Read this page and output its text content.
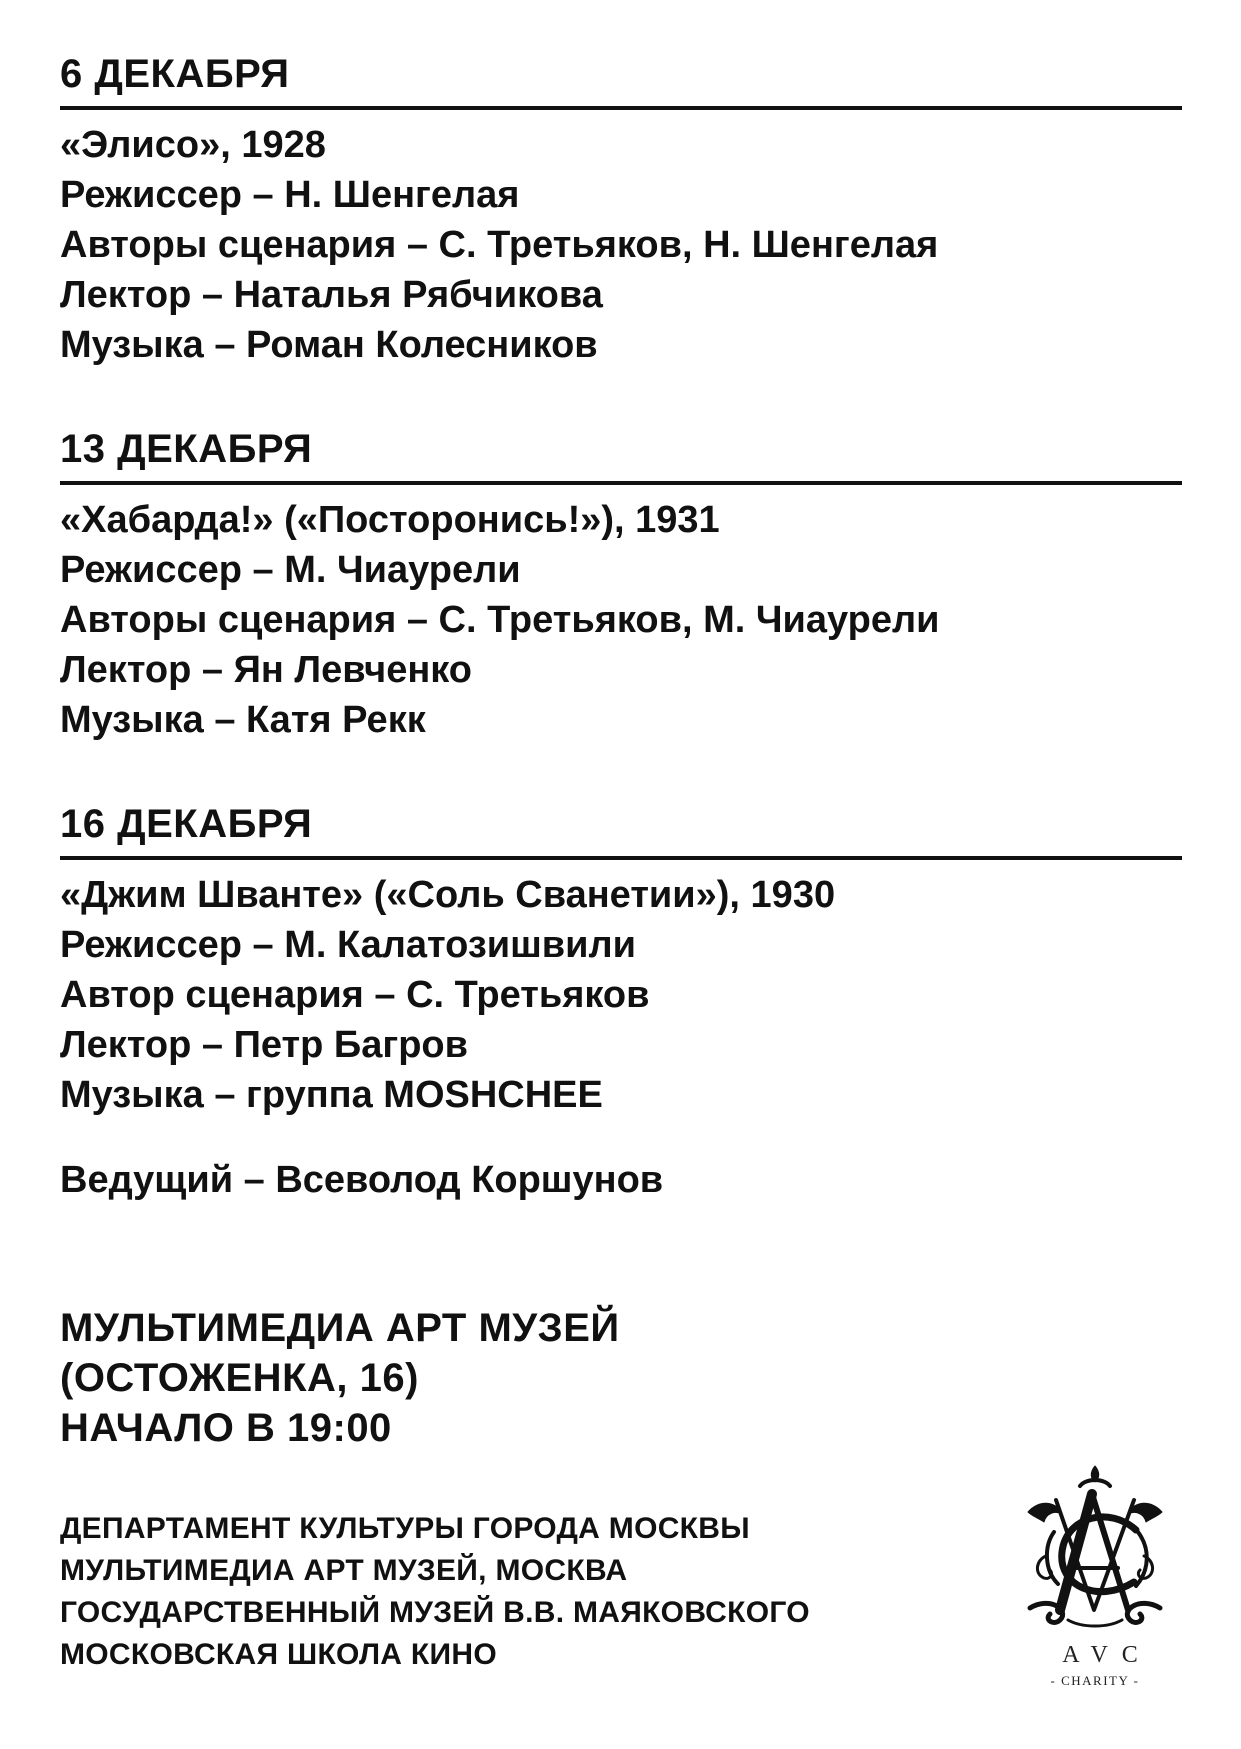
6 ДЕКАБРЯ
«Элисо», 1928
Режиссер – Н. Шенгелая
Авторы сценария – С. Третьяков, Н. Шенгелая
Лектор – Наталья Рябчикова
Музыка – Роман Колесников
13 ДЕКАБРЯ
«Хабарда!» («Посторонись!»), 1931
Режиссер – М. Чиаурели
Авторы сценария – С. Третьяков, М. Чиаурели
Лектор – Ян Левченко
Музыка – Катя Рекк
16 ДЕКАБРЯ
«Джим Шванте» («Соль Сванетии»), 1930
Режиссер – М. Калатозишвили
Автор сценария – С. Третьяков
Лектор – Петр Багров
Музыка – группа MOSHCHEE
Ведущий – Всеволод Коршунов
МУЛЬТИМЕДИА АРТ МУЗЕЙ
(ОСТОЖЕНКА, 16)
НАЧАЛО В 19:00
ДЕПАРТАМЕНТ КУЛЬТУРЫ ГОРОДА МОСКВЫ
МУЛЬТИМЕДИА АРТ МУЗЕЙ, МОСКВА
ГОСУДАРСТВЕННЫЙ МУЗЕЙ В.В. МАЯКОВСКОГО
МОСКОВСКАЯ ШКОЛА КИНО	AVC
- CHARITY -
